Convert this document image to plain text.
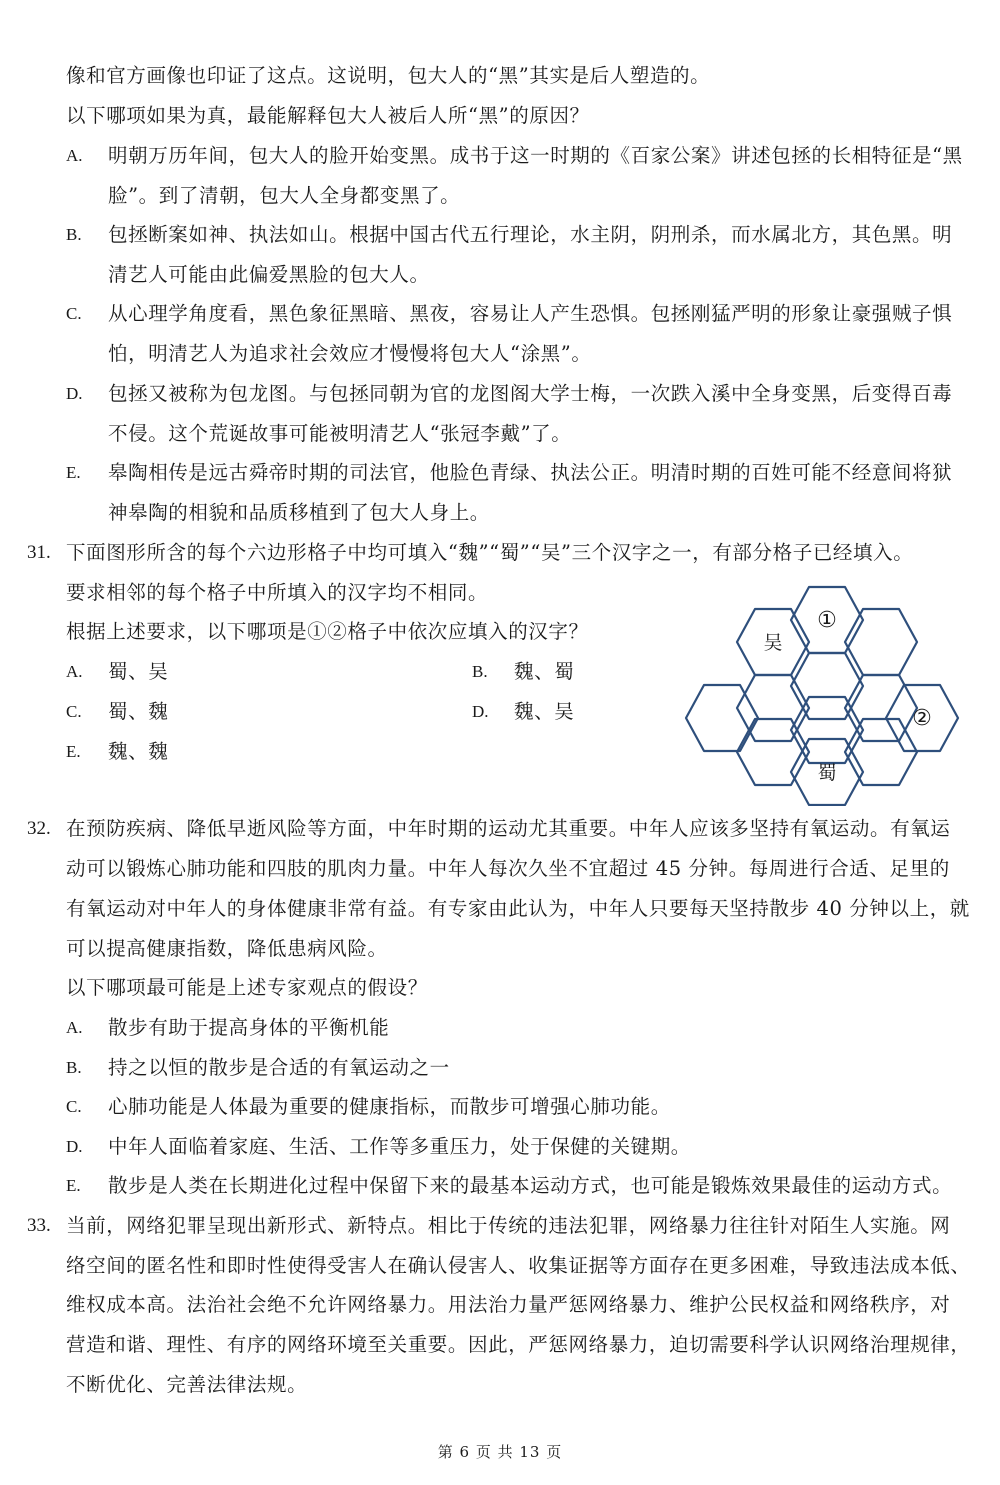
像和官方画像也印证了这点。这说明，包大人的“黑”其实是后人塑造的。
以下哪项如果为真，最能解释包大人被后人所“黑”的原因？
A. 明朝万历年间，包大人的脸开始变黑。成书于这一时期的《百家公案》讲述包拯的长相特征是“黑
脸”。到了清朝，包大人全身都变黑了。
B. 包拯断案如神、执法如山。根据中国古代五行理论，水主阴，阴刑杀，而水属北方，其色黑。明
清艺人可能由此偏爱黑脸的包大人。
C. 从心理学角度看，黑色象征黑暗、黑夜，容易让人产生恐惧。包拯刚猛严明的形象让豪强贼子惧
怕，明清艺人为追求社会效应才慢慢将包大人“涂黑”。
D. 包拯又被称为包龙图。与包拯同朝为官的龙图阁大学士梅，一次跌入溪中全身变黑，后变得百毒
不侵。这个荒诞故事可能被明清艺人“张冠李戴”了。
E. 皋陶相传是远古舜帝时期的司法官，他脸色青绿、执法公正。明清时期的百姓可能不经意间将狱
神皋陶的相貌和品质移植到了包大人身上。
31. 下面图形所含的每个六边形格子中均可填入“魏”“蜀”“吴”三个汉字之一，有部分格子已经填入。
要求相邻的每个格子中所填入的汉字均不相同。
根据上述要求，以下哪项是①②格子中依次应填入的汉字？
A. 蜀、吴	B. 魏、蜀
C. 蜀、魏	D. 魏、吴
E. 魏、魏
①
吴
②
蜀
32. 在预防疾病、降低早逝风险等方面，中年时期的运动尤其重要。中年人应该多坚持有氧运动。有氧运
动可以锻炼心肺功能和四肢的肌肉力量。中年人每次久坐不宜超过 45 分钟。每周进行合适、足里的
有氧运动对中年人的身体健康非常有益。有专家由此认为，中年人只要每天坚持散步 40 分钟以上，就
可以提高健康指数，降低患病风险。
以下哪项最可能是上述专家观点的假设？
A. 散步有助于提高身体的平衡机能
B. 持之以恒的散步是合适的有氧运动之一
C. 心肺功能是人体最为重要的健康指标，而散步可增强心肺功能。
D. 中年人面临着家庭、生活、工作等多重压力，处于保健的关键期。
E. 散步是人类在长期进化过程中保留下来的最基本运动方式，也可能是锻炼效果最佳的运动方式。
33. 当前，网络犯罪呈现出新形式、新特点。相比于传统的违法犯罪，网络暴力往往针对陌生人实施。网
络空间的匿名性和即时性使得受害人在确认侵害人、收集证据等方面存在更多困难，导致违法成本低、
维权成本高。法治社会绝不允许网络暴力。用法治力量严惩网络暴力、维护公民权益和网络秩序，对
营造和谐、理性、有序的网络环境至关重要。因此，严惩网络暴力，迫切需要科学认识网络治理规律，
不断优化、完善法律法规。
第 6 页 共 13 页
